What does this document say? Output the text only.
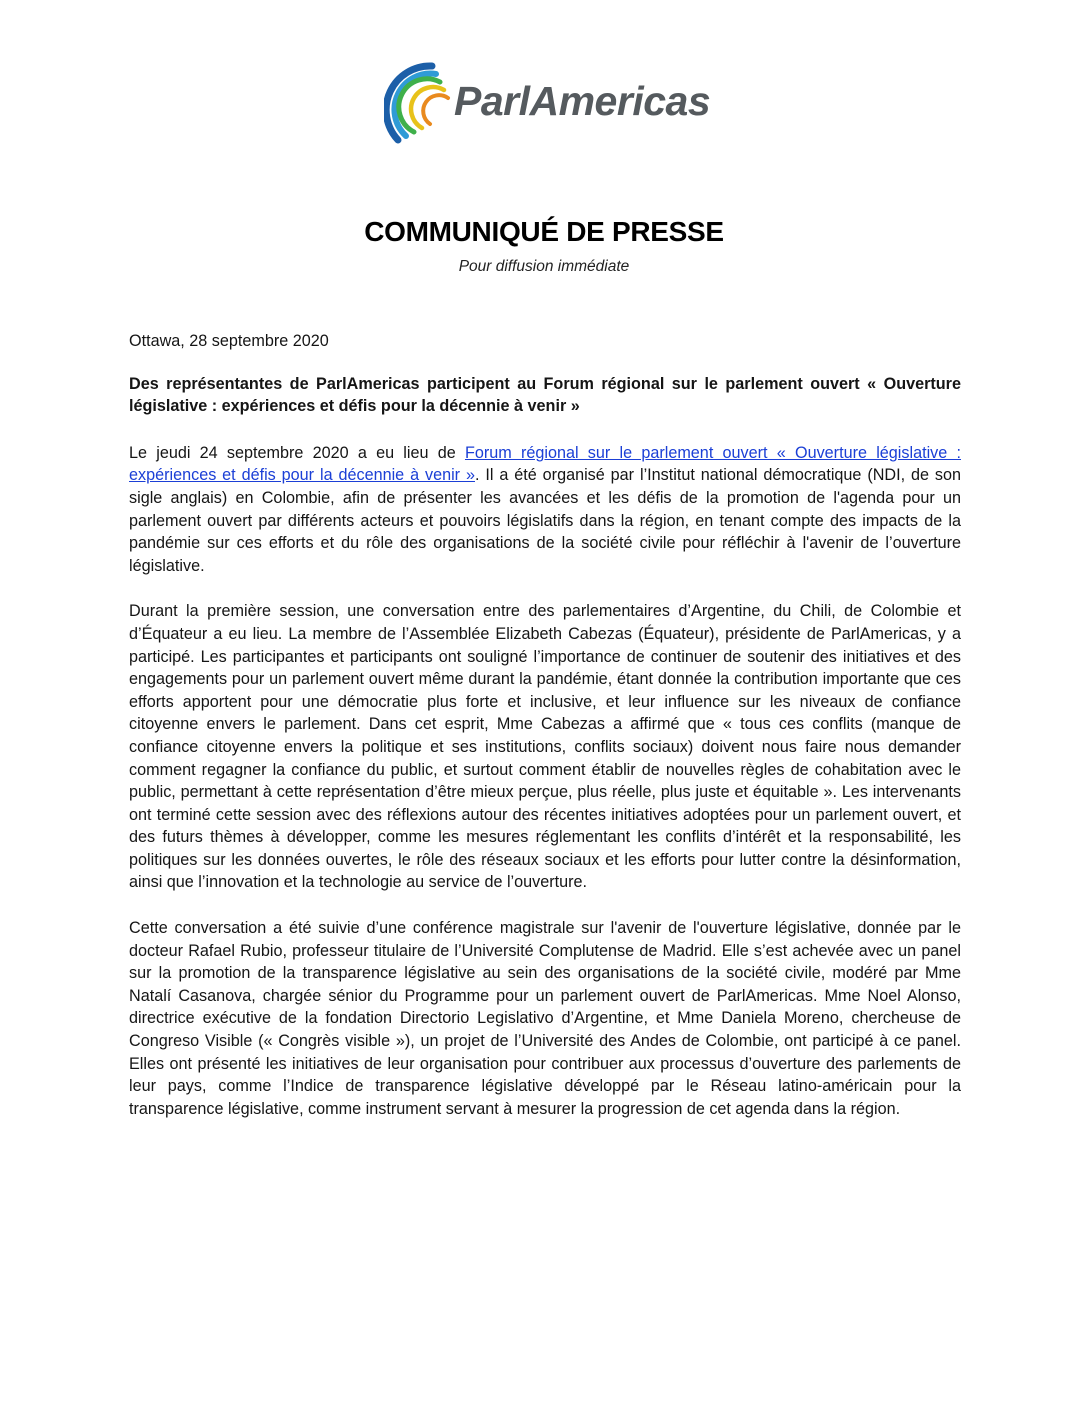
ParlAmericas
COMMUNIQUÉ DE PRESSE
Pour diffusion immédiate

Ottawa, 28 septembre 2020

Des représentantes de ParlAmericas participent au Forum régional sur le parlement ouvert « Ouverture législative : expériences et défis pour la décennie à venir »

Le jeudi 24 septembre 2020 a eu lieu de Forum régional sur le parlement ouvert « Ouverture législative : expériences et défis pour la décennie à venir ». Il a été organisé par l’Institut national démocratique (NDI, de son sigle anglais) en Colombie, afin de présenter les avancées et les défis de la promotion de l'agenda pour un parlement ouvert par différents acteurs et pouvoirs législatifs dans la région, en tenant compte des impacts de la pandémie sur ces efforts et du rôle des organisations de la société civile pour réfléchir à l'avenir de l’ouverture législative.

Durant la première session, une conversation entre des parlementaires d’Argentine, du Chili, de Colombie et d’Équateur a eu lieu. La membre de l’Assemblée Elizabeth Cabezas (Équateur), présidente de ParlAmericas, y a participé. Les participantes et participants ont souligné l’importance de continuer de soutenir des initiatives et des engagements pour un parlement ouvert même durant la pandémie, étant donnée la contribution importante que ces efforts apportent pour une démocratie plus forte et inclusive, et leur influence sur les niveaux de confiance citoyenne envers le parlement. Dans cet esprit, Mme Cabezas a affirmé que « tous ces conflits (manque de confiance citoyenne envers la politique et ses institutions, conflits sociaux) doivent nous faire nous demander comment regagner la confiance du public, et surtout comment établir de nouvelles règles de cohabitation avec le public, permettant à cette représentation d’être mieux perçue, plus réelle, plus juste et équitable ». Les intervenants ont terminé cette session avec des réflexions autour des récentes initiatives adoptées pour un parlement ouvert, et des futurs thèmes à développer, comme les mesures réglementant les conflits d’intérêt et la responsabilité, les politiques sur les données ouvertes, le rôle des réseaux sociaux et les efforts pour lutter contre la désinformation, ainsi que l’innovation et la technologie au service de l’ouverture.

Cette conversation a été suivie d’une conférence magistrale sur l'avenir de l'ouverture législative, donnée par le docteur Rafael Rubio, professeur titulaire de l’Université Complutense de Madrid. Elle s’est achevée avec un panel sur la promotion de la transparence législative au sein des organisations de la société civile, modéré par Mme Natalí Casanova, chargée sénior du Programme pour un parlement ouvert de ParlAmericas. Mme Noel Alonso, directrice exécutive de la fondation Directorio Legislativo d’Argentine, et Mme Daniela Moreno, chercheuse de Congreso Visible (« Congrès visible »), un projet de l’Université des Andes de Colombie, ont participé à ce panel. Elles ont présenté les initiatives de leur organisation pour contribuer aux processus d’ouverture des parlements de leur pays, comme l’Indice de transparence législative développé par le Réseau latino-américain pour la transparence législative, comme instrument servant à mesurer la progression de cet agenda dans la région.
